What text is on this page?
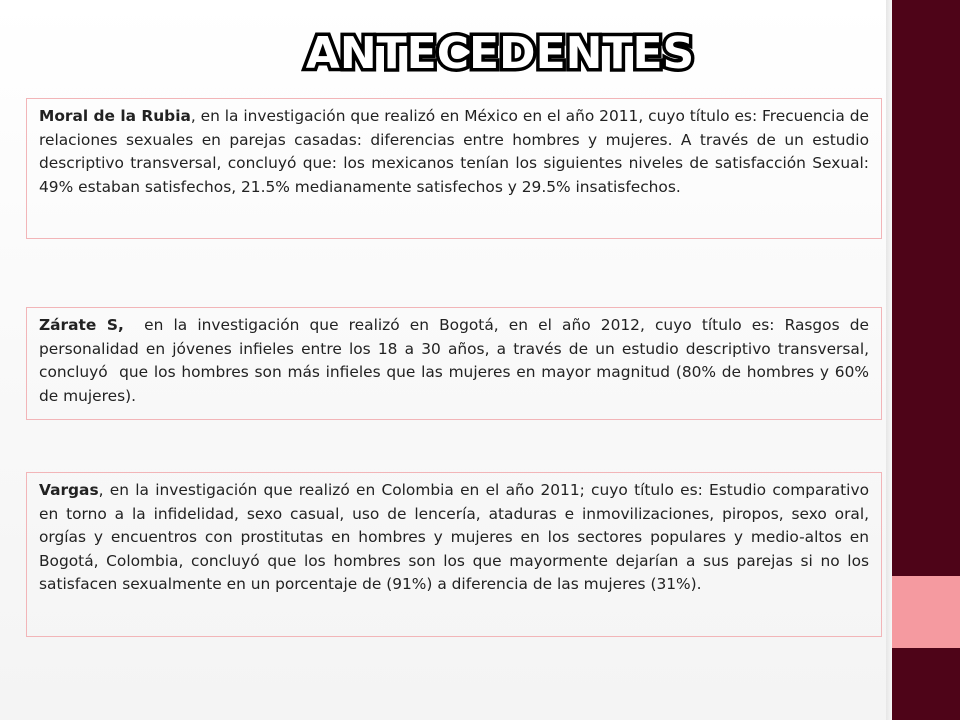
ANTECEDENTES
Moral de la Rubia, en la investigación que realizó en México en el año 2011, cuyo título es: Frecuencia de relaciones sexuales en parejas casadas: diferencias entre hombres y mujeres. A través de un estudio descriptivo transversal, concluyó que: los mexicanos tenían los siguientes niveles de satisfacción Sexual: 49% estaban satisfechos, 21.5% medianamente satisfechos y 29.5% insatisfechos.
Zárate S,  en la investigación que realizó en Bogotá, en el año 2012, cuyo título es: Rasgos de personalidad en jóvenes infieles entre los 18 a 30 años, a través de un estudio descriptivo transversal, concluyó  que los hombres son más infieles que las mujeres en mayor magnitud (80% de hombres y 60% de mujeres).
Vargas, en la investigación que realizó en Colombia en el año 2011; cuyo título es: Estudio comparativo en torno a la infidelidad, sexo casual, uso de lencería, ataduras e inmovilizaciones, piropos, sexo oral, orgías y encuentros con prostitutas en hombres y mujeres en los sectores populares y medio-altos en Bogotá, Colombia, concluyó que los hombres son los que mayormente dejarían a sus parejas si no los satisfacen sexualmente en un porcentaje de (91%) a diferencia de las mujeres (31%).
